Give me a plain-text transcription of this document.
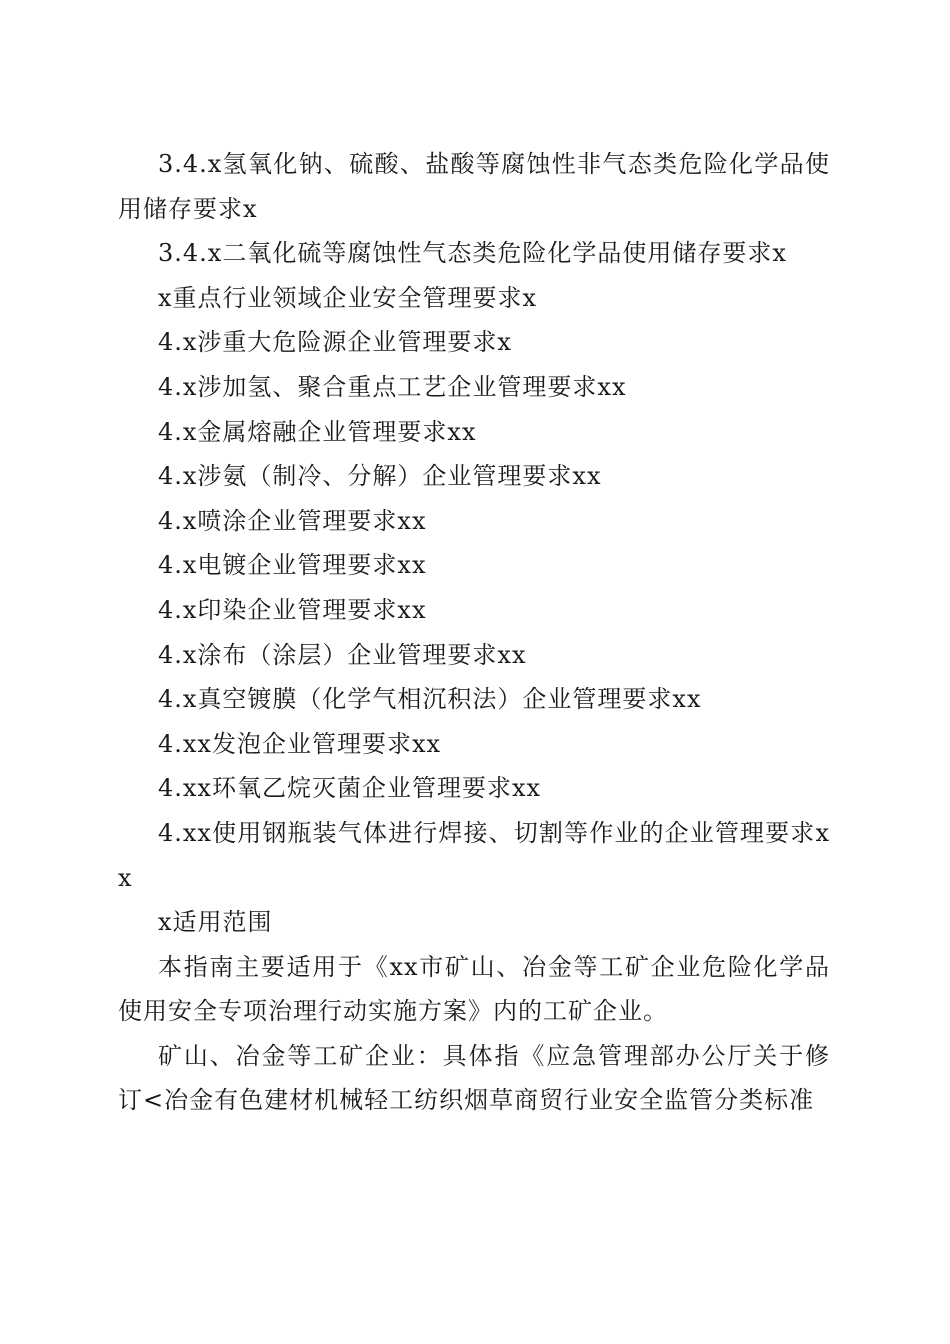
3.4.x氢氧化钠、硫酸、盐酸等腐蚀性非气态类危险化学品使用储存要求x

3.4.x二氧化硫等腐蚀性气态类危险化学品使用储存要求x

x重点行业领域企业安全管理要求x

4.x涉重大危险源企业管理要求x

4.x涉加氢、聚合重点工艺企业管理要求xx

4.x金属熔融企业管理要求xx

4.x涉氨（制冷、分解）企业管理要求xx

4.x喷涂企业管理要求xx

4.x电镀企业管理要求xx

4.x印染企业管理要求xx

4.x涂布（涂层）企业管理要求xx

4.x真空镀膜（化学气相沉积法）企业管理要求xx

4.xx发泡企业管理要求xx

4.xx环氧乙烷灭菌企业管理要求xx

4.xx使用钢瓶装气体进行焊接、切割等作业的企业管理要求xx

x适用范围

本指南主要适用于《xx市矿山、冶金等工矿企业危险化学品使用安全专项治理行动实施方案》内的工矿企业。

矿山、冶金等工矿企业：具体指《应急管理部办公厅关于修订<冶金有色建材机械轻工纺织烟草商贸行业安全监管分类标准
